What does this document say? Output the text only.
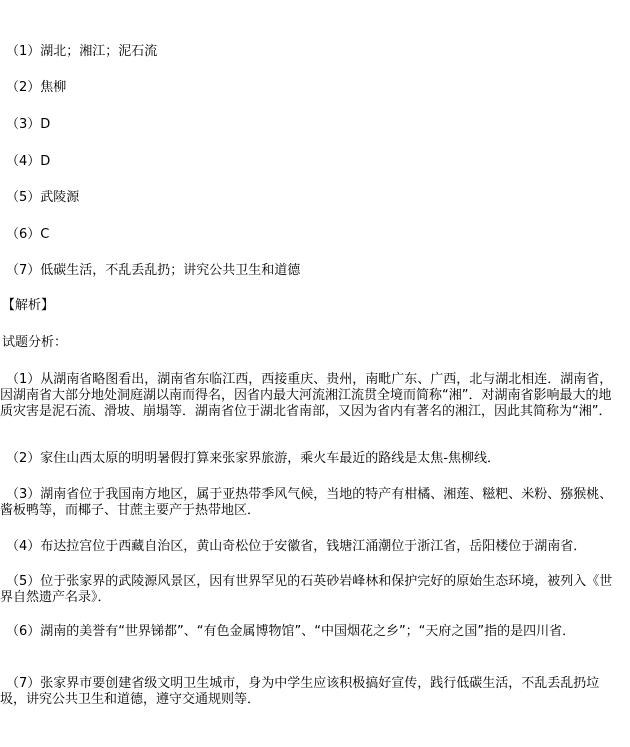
（1）湖北；湘江；泥石流
（2）焦柳
（3）D
（4）D
（5）武陵源
（6）C
（7）低碳生活，不乱丢乱扔；讲究公共卫生和道德
【解析】
试题分析：
（1）从湖南省略图看出，湖南省东临江西，西接重庆、贵州，南毗广东、广西，北与湖北相连．湖南省，因湖南省大部分地处洞庭湖以南而得名，因省内最大河流湘江流贯全境而简称“湘”．对湖南省影响最大的地质灾害是泥石流、滑坡、崩塌等．湖南省位于湖北省南部，又因为省内有著名的湘江，因此其简称为“湘”．
（2）家住山西太原的明明暑假打算来张家界旅游，乘火车最近的路线是太焦-焦柳线．
（3）湖南省位于我国南方地区，属于亚热带季风气候，当地的特产有柑橘、湘莲、糍粑、米粉、猕猴桃、酱板鸭等，而椰子、甘蔗主要产于热带地区．
（4）布达拉宫位于西藏自治区，黄山奇松位于安徽省，钱塘江涌潮位于浙江省，岳阳楼位于湖南省．
（5）位于张家界的武陵源风景区，因有世界罕见的石英砂岩峰林和保护完好的原始生态环境，被列入《世界自然遗产名录》．
（6）湖南的美誉有“世界锑都”、“有色金属博物馆”、“中国烟花之乡”；“天府之国”指的是四川省．
（7）张家界市要创建省级文明卫生城市，身为中学生应该积极搞好宣传，践行低碳生活，不乱丢乱扔垃圾，讲究公共卫生和道德，遵守交通规则等．
